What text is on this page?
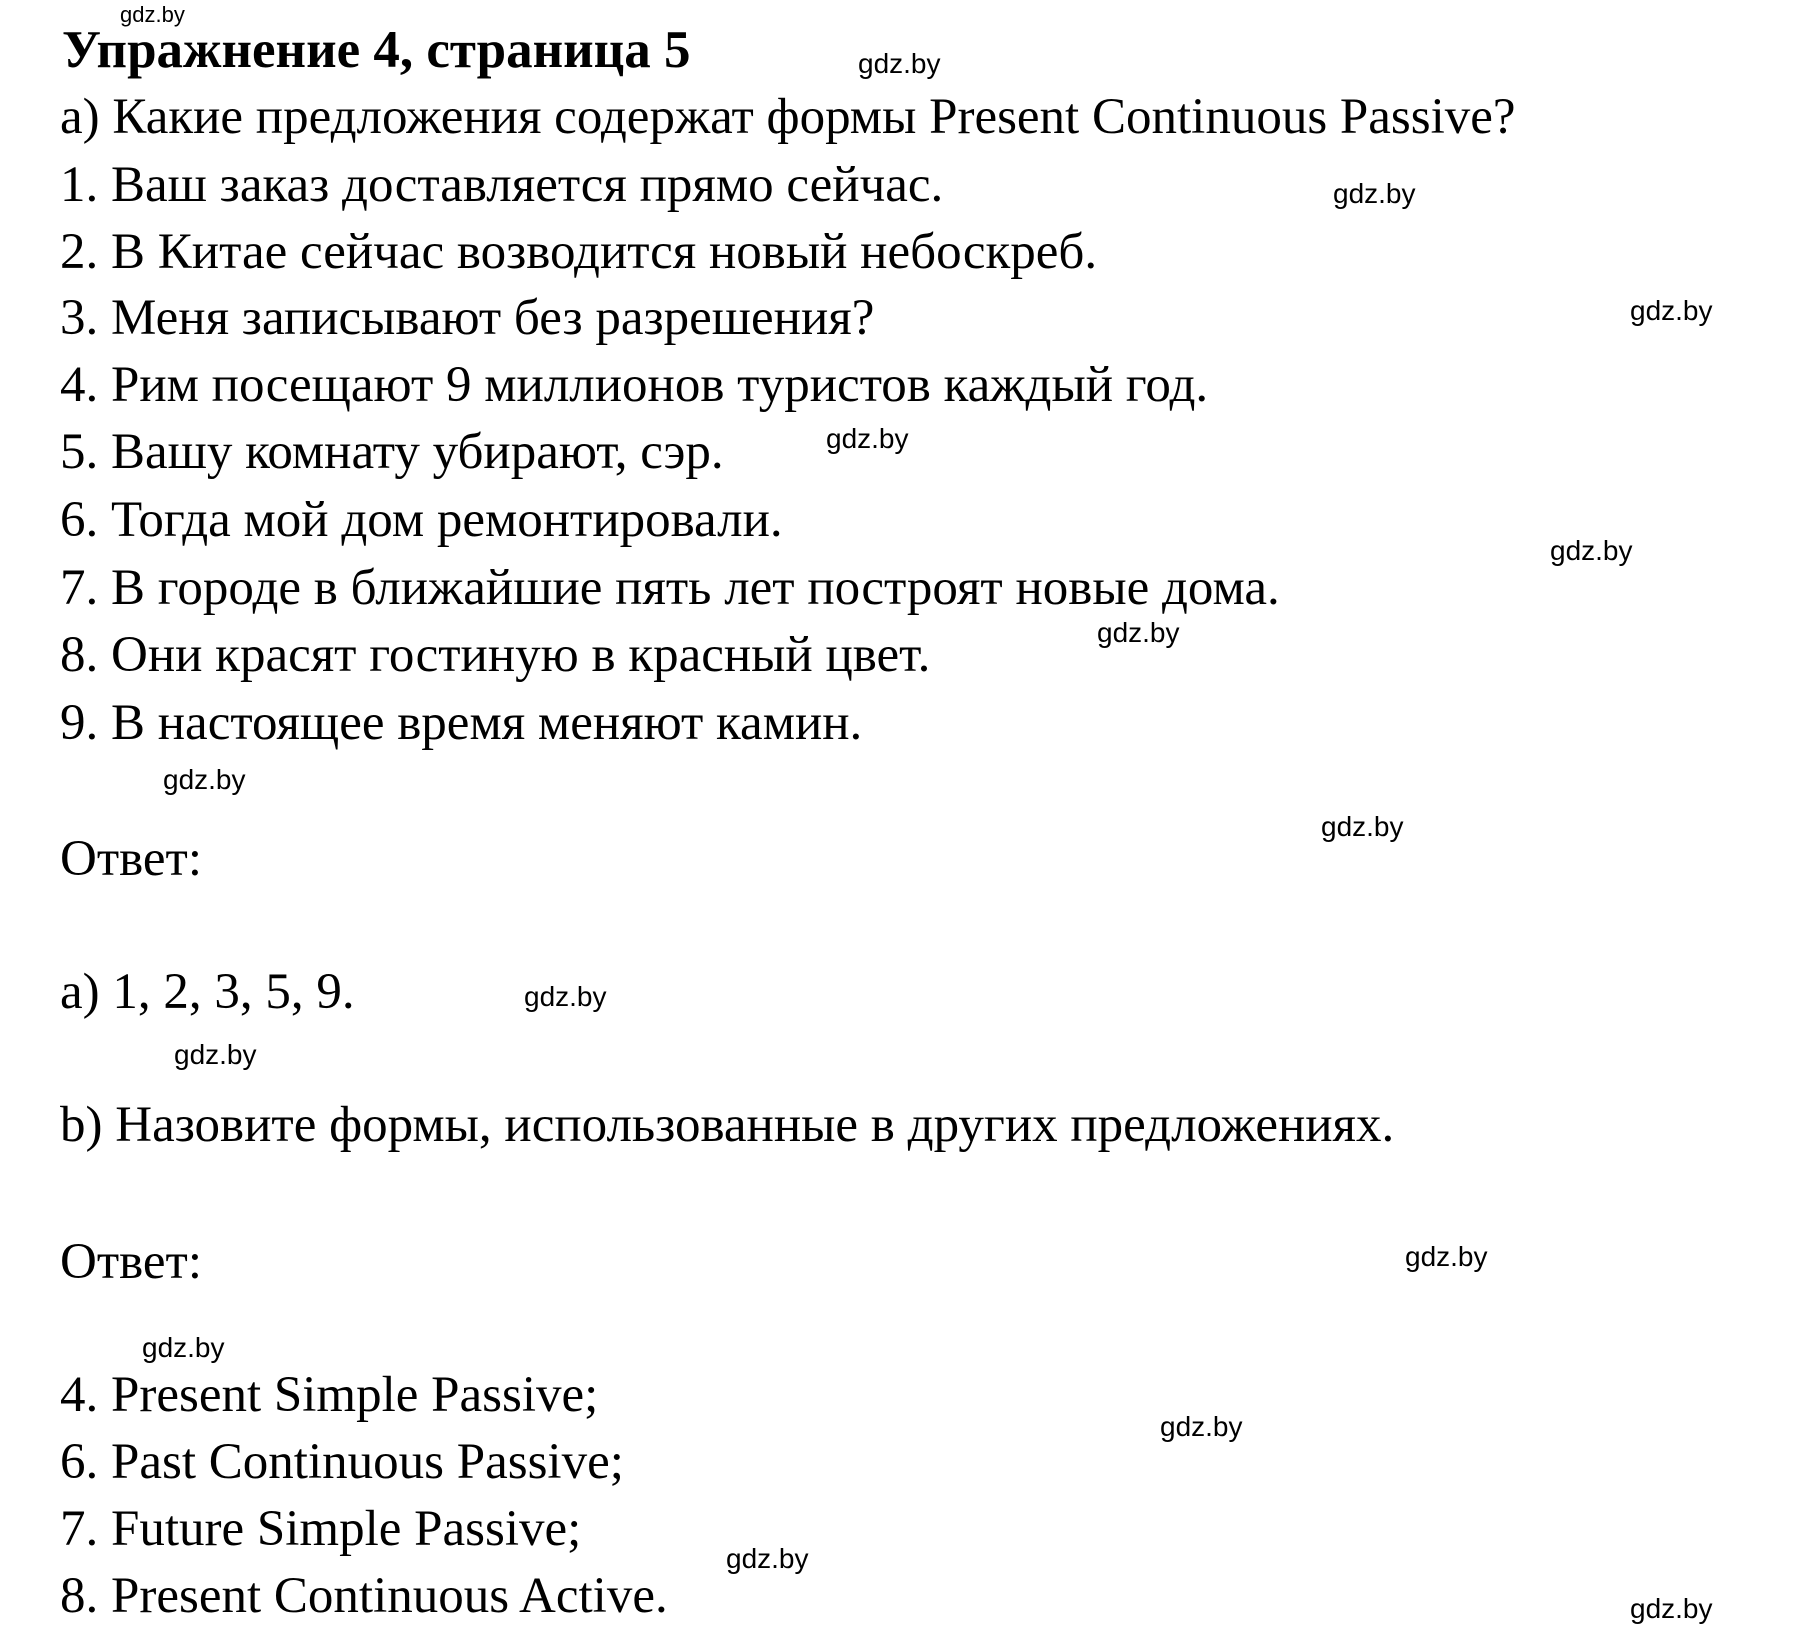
gdz.by
Упражнение 4, страница 5	gdz.by
a) Какие предложения содержат формы Present Continuous Passive?
1. Ваш заказ доставляется прямо сейчас.	gdz.by
2. В Китае сейчас возводится новый небоскреб.
3. Меня записывают без разрешения?	gdz.by
4. Рим посещают 9 миллионов туристов каждый год.
5. Вашу комнату убирают, сэр.	gdz.by
6. Тогда мой дом ремонтировали.
gdz.by
7. В городе в ближайшие пять лет построят новые дома.
8. Они красят гостиную в красный цвет.	gdz.by
9. В настоящее время меняют камин.
gdz.by
gdz.by
Ответ:
a) 1, 2, 3, 5, 9.	gdz.by
gdz.by
b) Назовите формы, использованные в других предложениях.
Ответ:	gdz.by
gdz.by
4. Present Simple Passive;
gdz.by
6. Past Continuous Passive;
7. Future Simple Passive;
gdz.by
8. Present Continuous Active.	gdz.by
